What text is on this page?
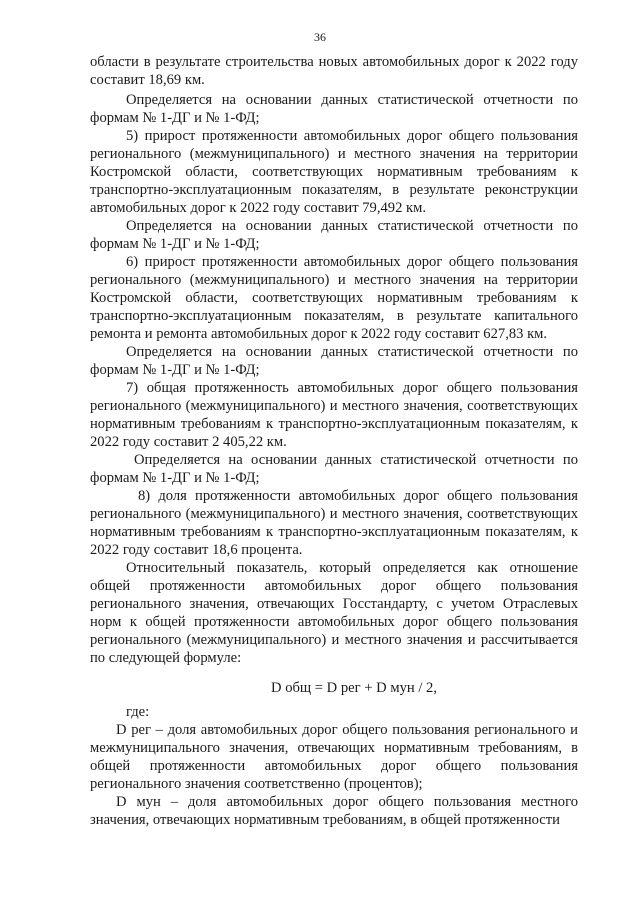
36

области в результате строительства новых автомобильных дорог к 2022 году составит 18,69 км.

Определяется на основании данных статистической отчетности по формам № 1-ДГ и № 1-ФД;

5) прирост протяженности автомобильных дорог общего пользования регионального (межмуниципального) и местного значения на территории Костромской области, соответствующих нормативным требованиям к транспортно-эксплуатационным показателям, в результате реконструкции автомобильных дорог к 2022 году составит 79,492 км.

Определяется на основании данных статистической отчетности по формам № 1-ДГ и № 1-ФД;

6) прирост протяженности автомобильных дорог общего пользования регионального (межмуниципального) и местного значения на территории Костромской области, соответствующих нормативным требованиям к транспортно-эксплуатационным показателям, в результате капитального ремонта и ремонта автомобильных дорог к 2022 году составит 627,83 км.

Определяется на основании данных статистической отчетности по формам № 1-ДГ и № 1-ФД;

7) общая протяженность автомобильных дорог общего пользования регионального (межмуниципального) и местного значения, соответствующих нормативным требованиям к транспортно-эксплуатационным показателям, к 2022 году составит 2 405,22 км.

Определяется на основании данных статистической отчетности по формам № 1-ДГ и № 1-ФД;

8) доля протяженности автомобильных дорог общего пользования регионального (межмуниципального) и местного значения, соответствующих нормативным требованиям к транспортно-эксплуатационным показателям, к 2022 году составит 18,6 процента.

Относительный показатель, который определяется как отношение общей протяженности автомобильных дорог общего пользования регионального значения, отвечающих Госстандарту, с учетом Отраслевых норм к общей протяженности автомобильных дорог общего пользования регионального (межмуниципального) и местного значения и рассчитывается по следующей формуле:

D общ = D рег + D мун / 2,

где:

D рег – доля автомобильных дорог общего пользования регионального и межмуниципального значения, отвечающих нормативным требованиям, в общей протяженности автомобильных дорог общего пользования регионального значения соответственно (процентов);

D мун – доля автомобильных дорог общего пользования местного значения, отвечающих нормативным требованиям, в общей протяженности
